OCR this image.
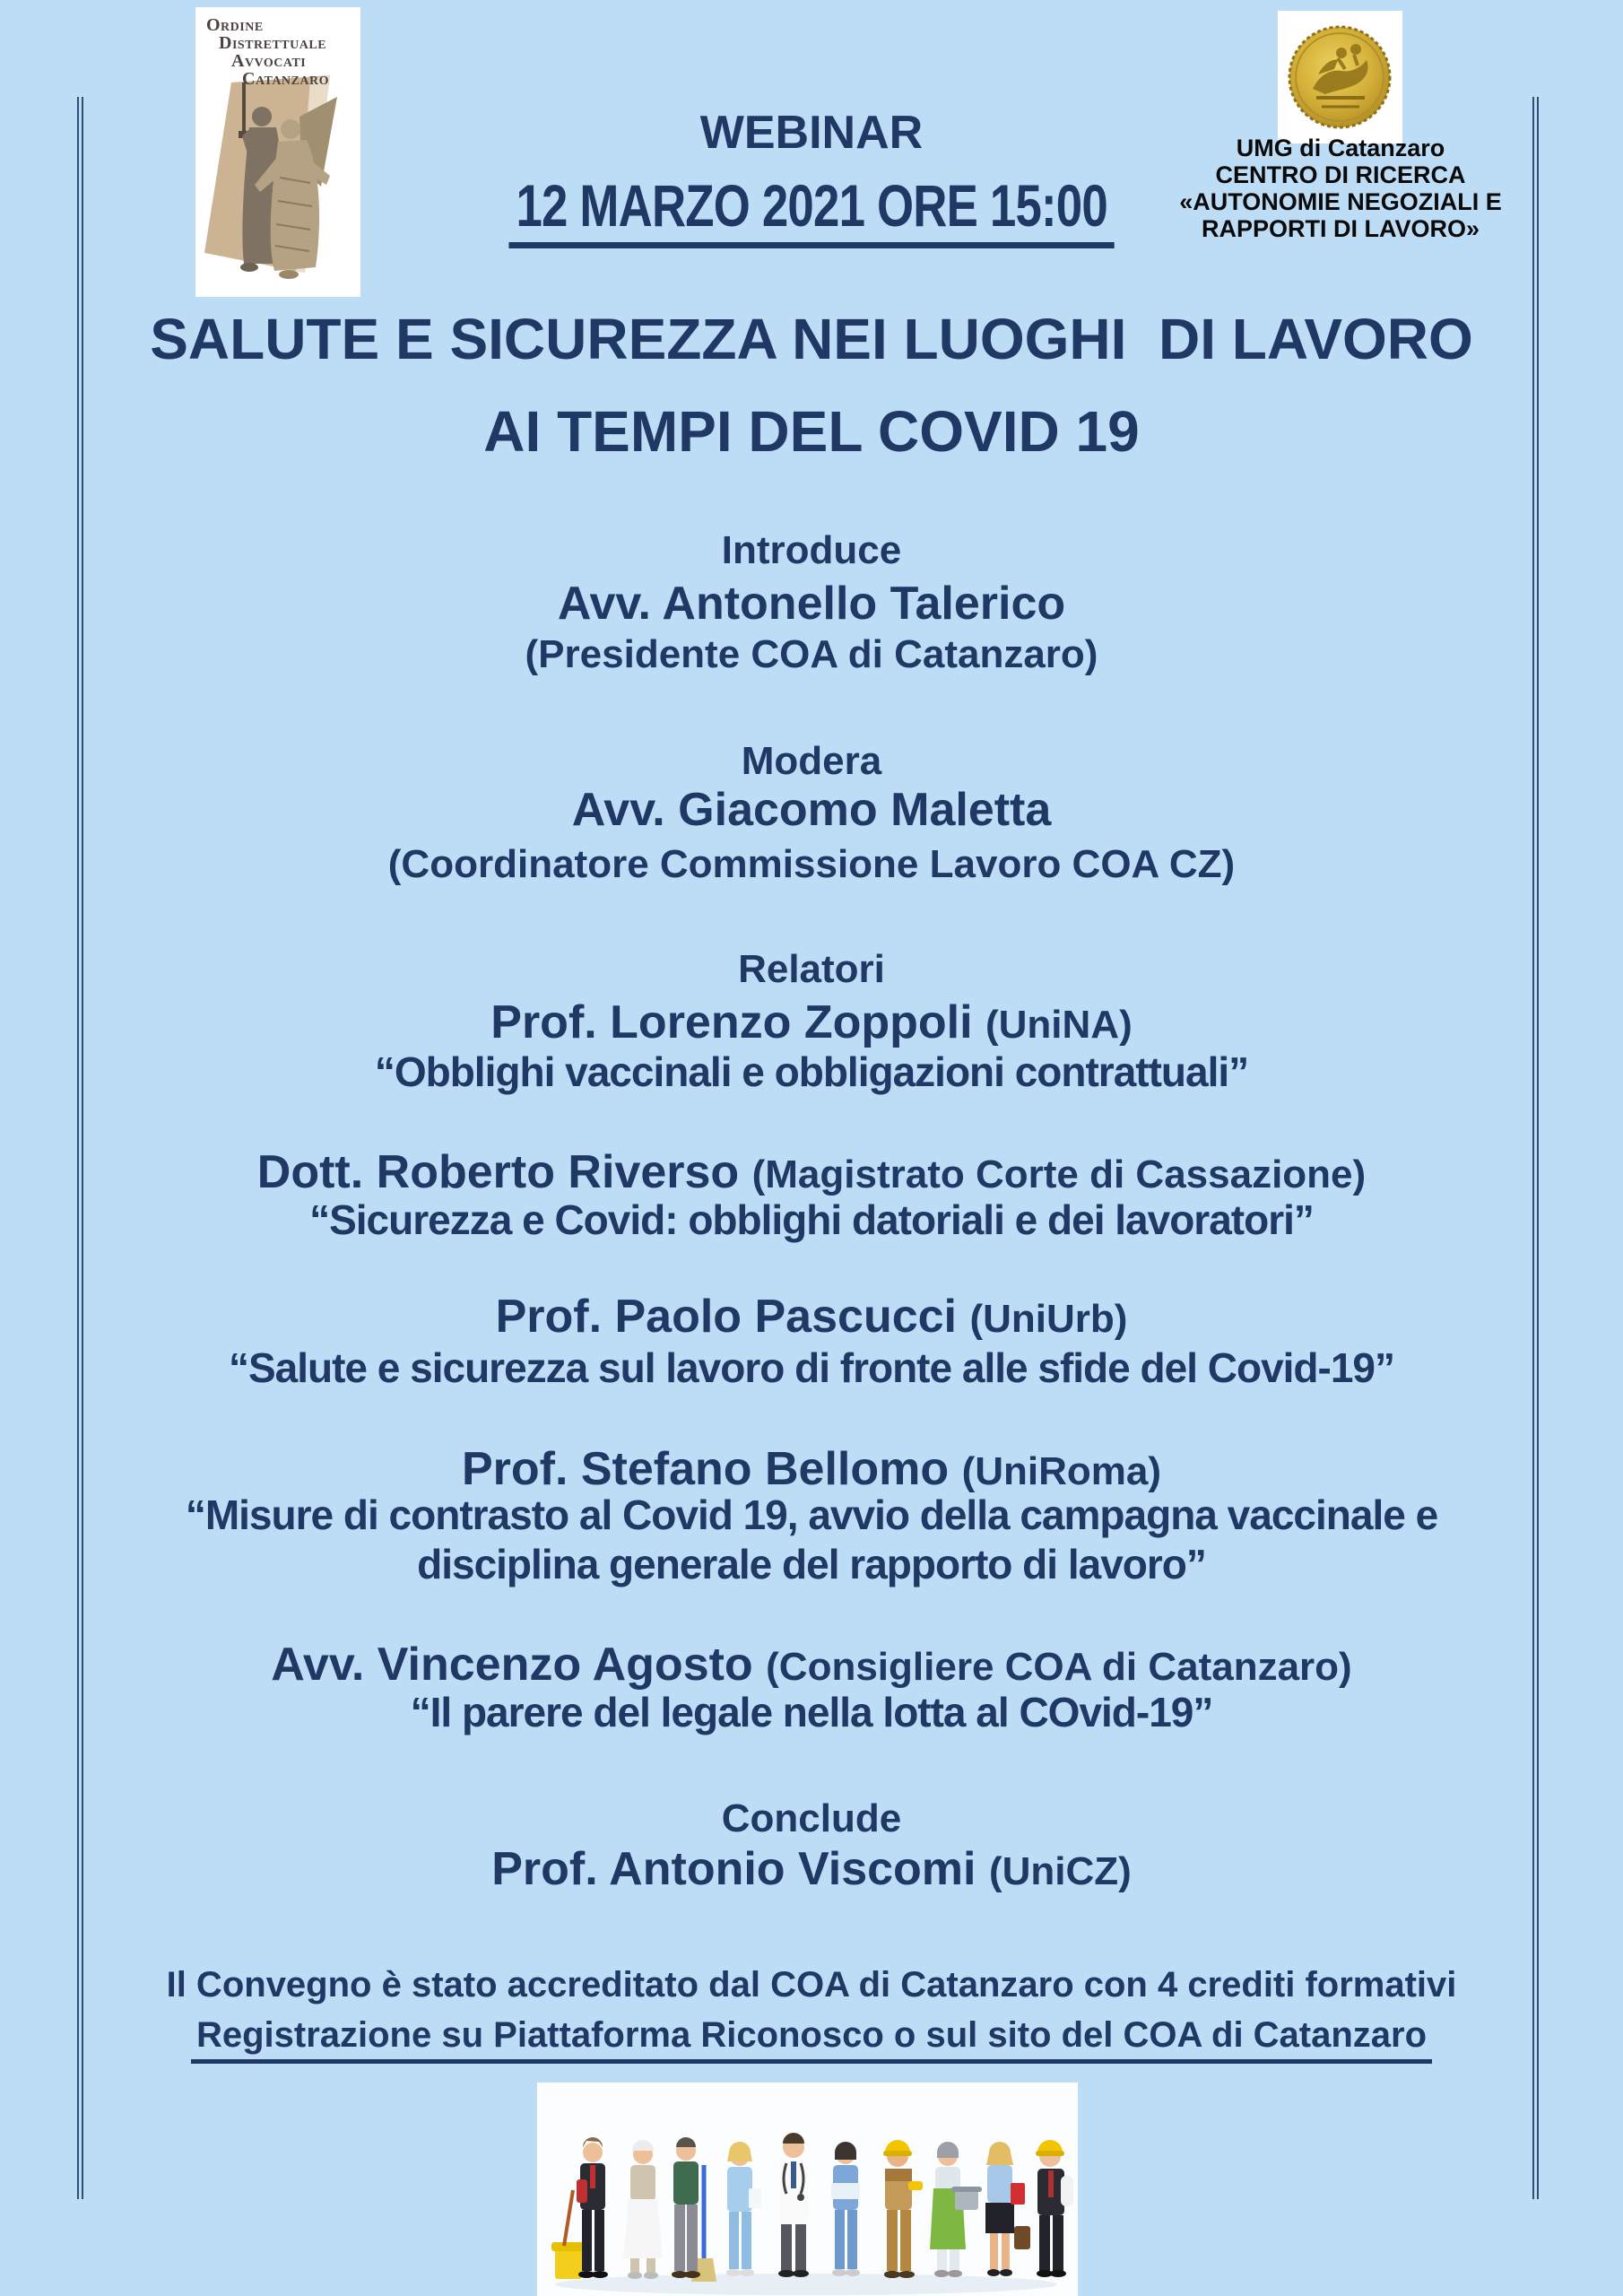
Ordine
Distrettuale
Avvocati
Catanzaro
UMG di Catanzaro
CENTRO DI RICERCA
«AUTONOMIE NEGOZIALI E
RAPPORTI DI LAVORO»
WEBINAR
12 MARZO 2021 ORE 15:00
SALUTE E SICUREZZA NEI LUOGHI  DI LAVORO
AI TEMPI DEL COVID 19
Introduce
Avv. Antonello Talerico
(Presidente COA di Catanzaro)
Modera
Avv. Giacomo Maletta
(Coordinatore Commissione Lavoro COA CZ)
Relatori
Prof. Lorenzo Zoppoli (UniNA)
“Obblighi vaccinali e obbligazioni contrattuali”
Dott. Roberto Riverso (Magistrato Corte di Cassazione)
“Sicurezza e Covid: obblighi datoriali e dei lavoratori”
Prof. Paolo Pascucci (UniUrb)
“Salute e sicurezza sul lavoro di fronte alle sfide del Covid-19”
Prof. Stefano Bellomo (UniRoma)
“Misure di contrasto al Covid 19, avvio della campagna vaccinale e
disciplina generale del rapporto di lavoro”
Avv. Vincenzo Agosto (Consigliere COA di Catanzaro)
“Il parere del legale nella lotta al COvid-19”
Conclude
Prof. Antonio Viscomi (UniCZ)
Il Convegno è stato accreditato dal COA di Catanzaro con 4 crediti formativi
Registrazione su Piattaforma Riconosco o sul sito del COA di Catanzaro
